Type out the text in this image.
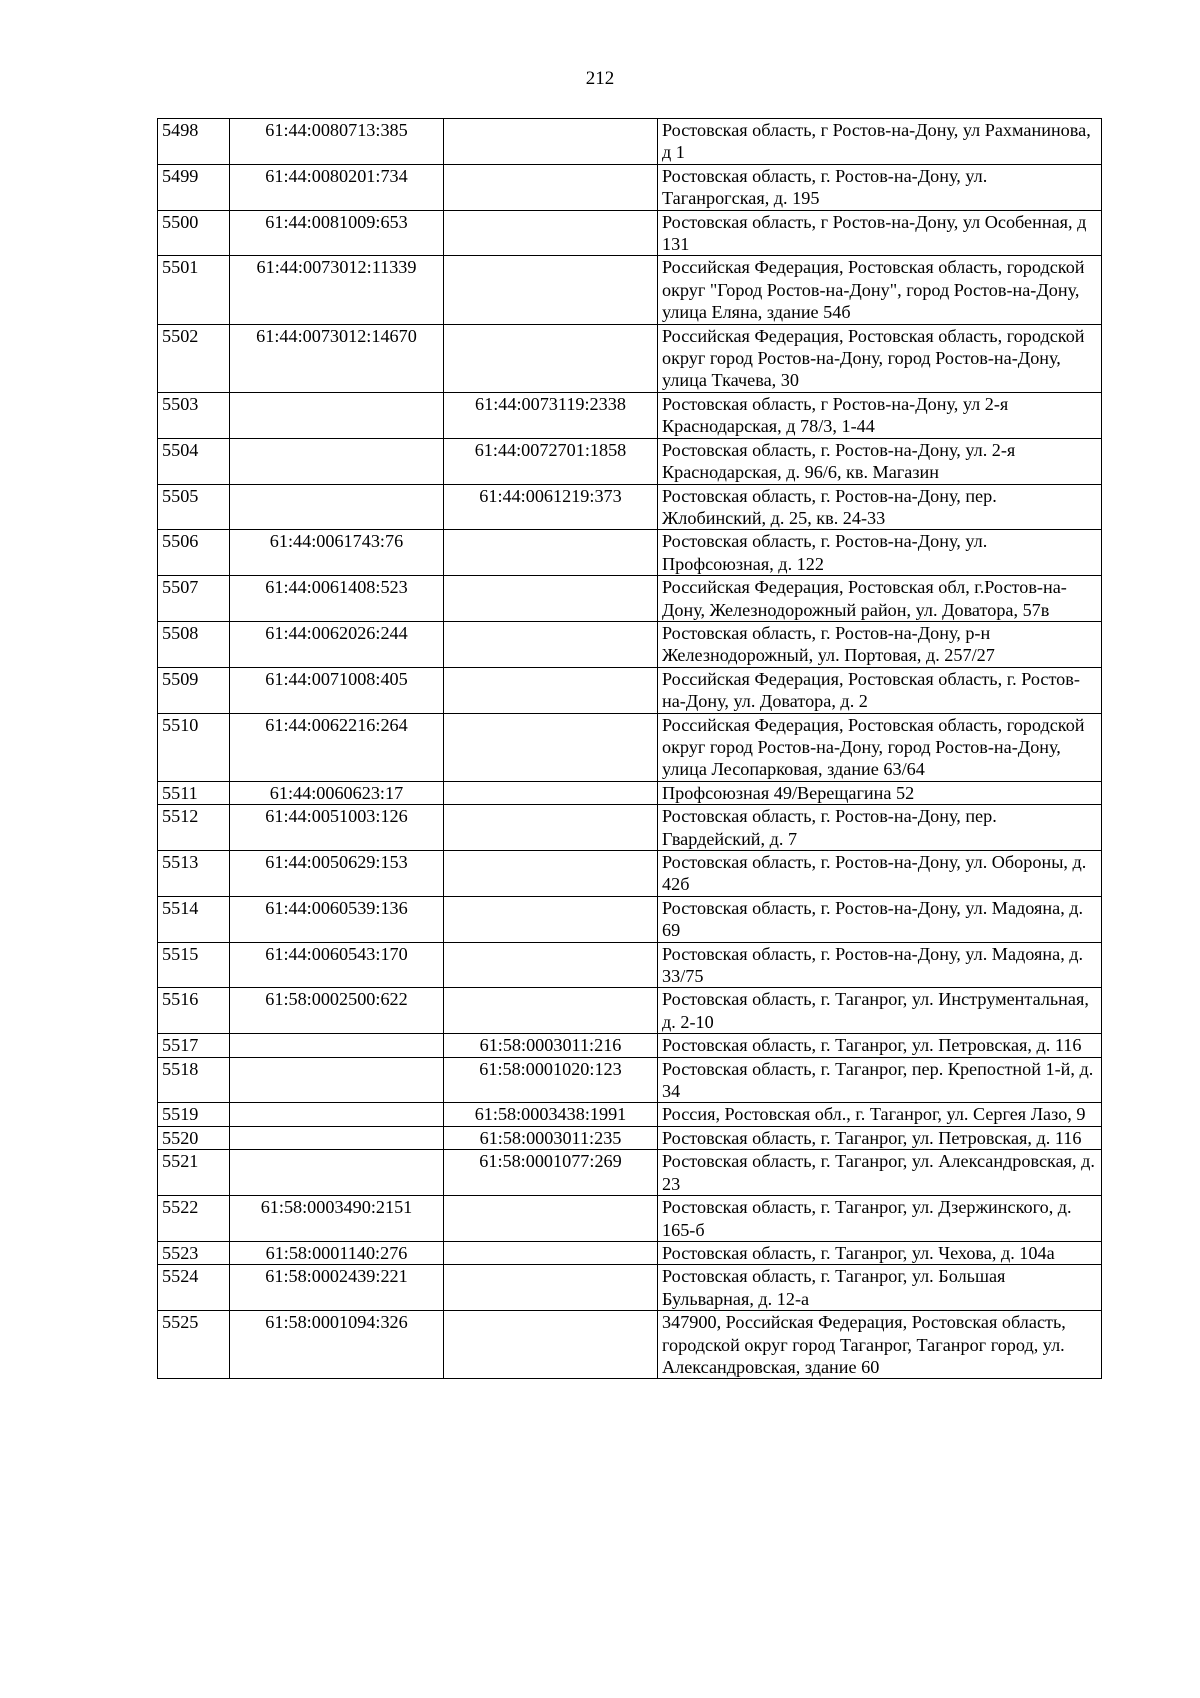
212
5498	61:44:0080713:385		Ростовская область, г Ростов-на-Дону, ул Рахманинова, д 1
5499	61:44:0080201:734		Ростовская область, г. Ростов-на-Дону, ул. Таганрогская, д. 195
5500	61:44:0081009:653		Ростовская область, г Ростов-на-Дону, ул Особенная, д 131
5501	61:44:0073012:11339		Российская Федерация, Ростовская область, городской округ "Город Ростов-на-Дону", город Ростов-на-Дону, улица Еляна, здание 54б
5502	61:44:0073012:14670		Российская Федерация, Ростовская область, городской округ город Ростов-на-Дону, город Ростов-на-Дону, улица Ткачева, 30
5503		61:44:0073119:2338	Ростовская область, г Ростов-на-Дону, ул 2-я Краснодарская, д 78/3, 1-44
5504		61:44:0072701:1858	Ростовская область, г. Ростов-на-Дону, ул. 2-я Краснодарская, д. 96/6, кв. Магазин
5505		61:44:0061219:373	Ростовская область, г. Ростов-на-Дону, пер. Жлобинский, д. 25, кв. 24-33
5506	61:44:0061743:76		Ростовская область, г. Ростов-на-Дону, ул. Профсоюзная, д. 122
5507	61:44:0061408:523		Российская Федерация, Ростовская обл, г.Ростов-на-Дону, Железнодорожный район, ул. Доватора, 57в
5508	61:44:0062026:244		Ростовская область, г. Ростов-на-Дону, р-н Железнодорожный, ул. Портовая, д. 257/27
5509	61:44:0071008:405		Российская Федерация, Ростовская область, г. Ростов-на-Дону, ул. Доватора, д. 2
5510	61:44:0062216:264		Российская Федерация, Ростовская область, городской округ город Ростов-на-Дону, город Ростов-на-Дону, улица Лесопарковая, здание 63/64
5511	61:44:0060623:17		Профсоюзная 49/Верещагина 52
5512	61:44:0051003:126		Ростовская область, г. Ростов-на-Дону, пер. Гвардейский, д. 7
5513	61:44:0050629:153		Ростовская область, г. Ростов-на-Дону, ул. Обороны, д. 42б
5514	61:44:0060539:136		Ростовская область, г. Ростов-на-Дону, ул. Мадояна, д. 69
5515	61:44:0060543:170		Ростовская область, г. Ростов-на-Дону, ул. Мадояна, д. 33/75
5516	61:58:0002500:622		Ростовская область, г. Таганрог, ул. Инструментальная, д. 2-10
5517		61:58:0003011:216	Ростовская область, г. Таганрог, ул. Петровская, д. 116
5518		61:58:0001020:123	Ростовская область, г. Таганрог, пер. Крепостной 1-й, д. 34
5519		61:58:0003438:1991	Россия, Ростовская обл., г. Таганрог, ул. Сергея Лазо, 9
5520		61:58:0003011:235	Ростовская область, г. Таганрог, ул. Петровская, д. 116
5521		61:58:0001077:269	Ростовская область, г. Таганрог, ул. Александровская, д. 23
5522	61:58:0003490:2151		Ростовская область, г. Таганрог, ул. Дзержинского, д. 165-б
5523	61:58:0001140:276		Ростовская область, г. Таганрог, ул. Чехова, д. 104а
5524	61:58:0002439:221		Ростовская область, г. Таганрог, ул. Большая Бульварная, д. 12-а
5525	61:58:0001094:326		347900, Российская Федерация, Ростовская область, городской округ город Таганрог, Таганрог город, ул. Александровская, здание 60
